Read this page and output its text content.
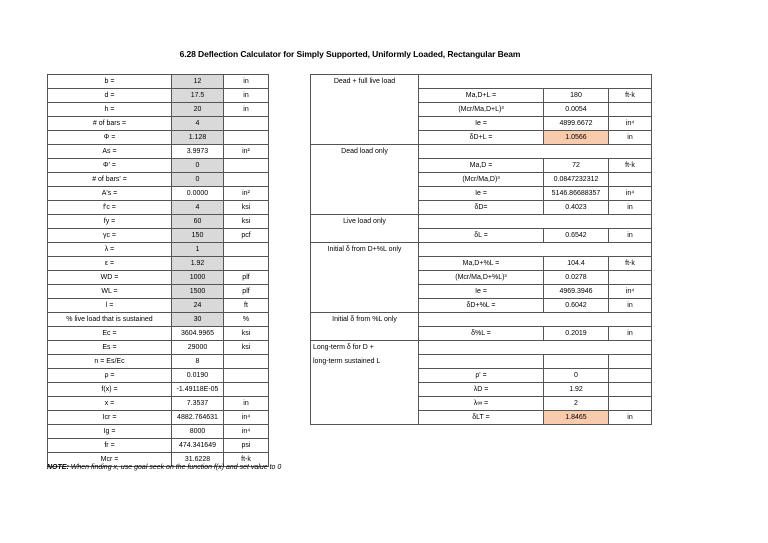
6.28 Deflection Calculator for Simply Supported, Uniformly Loaded, Rectangular Beam
b =	12	in
d =	17.5	in
h =	20	in
# of bars =	4	
Φ =	1.128	
As =	3.9973	in²
Φ' =	0	
# of bars' =	0	
A's =	0.0000	in²
f'c =	4	ksi
fy =	60	ksi
γc =	150	pcf
λ =	1	
ε =	1.92	
WD =	1000	plf
WL =	1500	plf
l =	24	ft
% live load that is sustained	30	%
Ec =	3604.9965	ksi
Es =	29000	ksi
n = Es/Ec	8	
ρ =	0.0190	
f(x) =	-1.49118E-05	
x =	7.3537	in
Icr =	4882.764631	in⁴
Ig =	8000	in⁴
fr =	474.341649	psi
Mcr =	31.6228	ft-k
Dead + full live load			
	Ma,D+L =	180	ft-k
	(Mcr/Ma,D+L)³	0.0054	
	Ie =	4899.6672	in⁴
	δD+L =	1.0566	in
Dead load only			
	Ma,D =	72	ft-k
	(Mcr/Ma,D)³	0.0847232312	
	Ie =	5146.86688357	in⁴
	δD=	0.4023	in
Live load only			
	δL =	0.6542	in
Initial δ from D+%L only			
	Ma,D+%L =	104.4	ft-k
	(Mcr/Ma,D+%L)³	0.0278	
	Ie =	4969.3946	in⁴
	δD+%L =	0.6042	in
Initial δ from %L only			
	δ%L =	0.2019	in
Long-term δ for D +			
long-term sustained L			
	ρ' =	0	
	λD =	1.92	
	λ∞ =	2	
	δLT =	1.8465	in
NOTE: When finding x, use goal seek on the function f(x) and set value to 0
